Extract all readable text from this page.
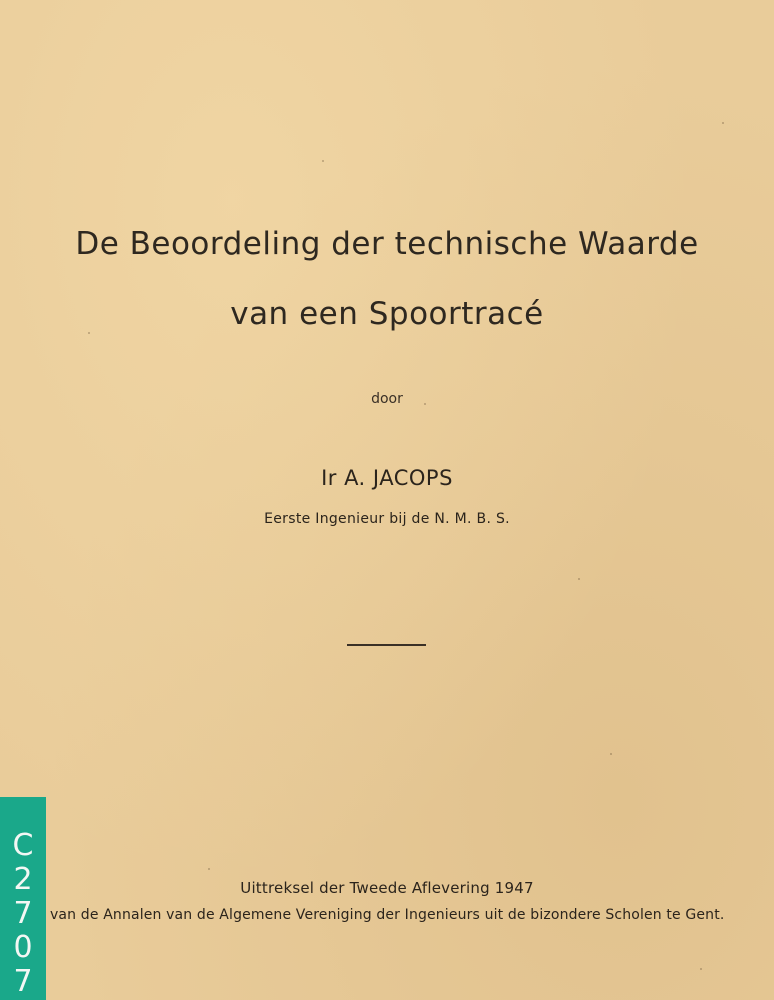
De Beoordeling der technische Waarde
van een Spoortracé
door
Ir A. JACOPS
Eerste Ingenieur bij de N. M. B. S.
Uittreksel der Tweede Aflevering 1947
van de Annalen van de Algemene Vereniging der Ingenieurs uit de bizondere Scholen te Gent.
C
2
7
0
7
